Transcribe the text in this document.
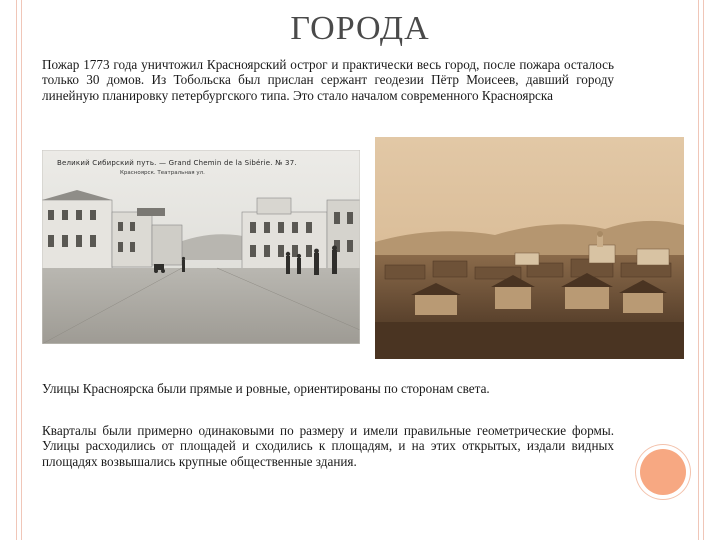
ГОРОДА

Пожар 1773 года уничтожил Красноярский острог и практически весь город, после пожара осталось только 30 домов. Из Тобольска был прислан сержант геодезии Пётр Моисеев, давший городу линейную планировку петербургского типа. Это стало началом современного Красноярска

Великий Сибирский путь. — Grand Chemin de la Sibérie. № 37.
Красноярск. Театральная ул.

Улицы Красноярска были прямые и ровные, ориентированы по сторонам света.

Кварталы были примерно одинаковыми по размеру и имели правильные геометрические формы. Улицы расходились от площадей и сходились к площадям, и на этих открытых, издали видных площадях возвышались крупные общественные здания.
